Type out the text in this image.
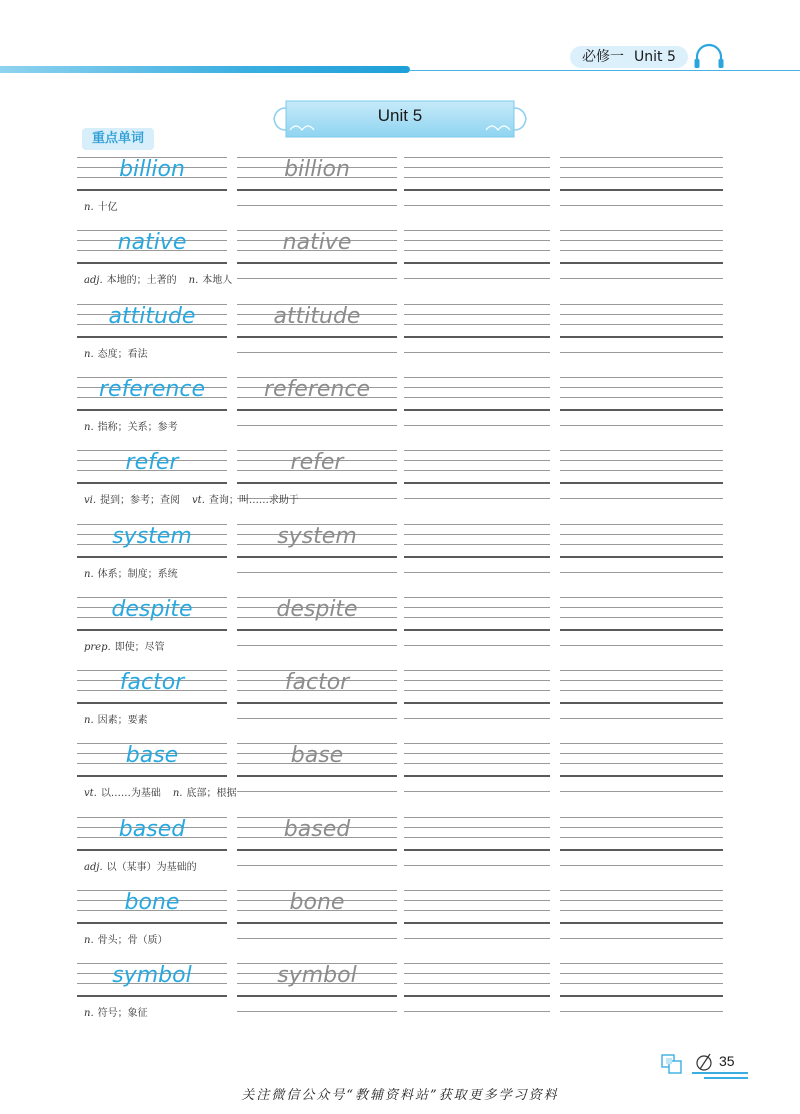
必修一 Unit 5
Unit 5
重点单词
billion	billion
n. 十亿
native	native
adj. 本地的；土著的 n. 本地人
attitude	attitude
n. 态度；看法
reference	reference
n. 指称；关系；参考
refer	refer
vi. 提到；参考；查阅 vt. 查询；叫……求助于
system	system
n. 体系；制度；系统
despite	despite
prep. 即使；尽管
factor	factor
n. 因素；要素
base	base
vt. 以……为基础 n. 底部；根据
based	based
adj. 以（某事）为基础的
bone	bone
n. 骨头；骨（质）
symbol	symbol
n. 符号；象征
35
关注微信公众号“教辅资料站”获取更多学习资料
